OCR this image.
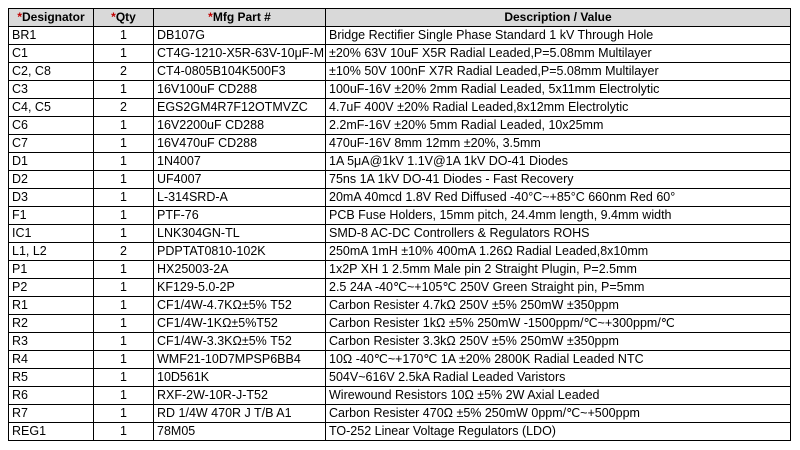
*Designator	*Qty	*Mfg Part #	Description / Value
BR1	1	DB107G	Bridge Rectifier Single Phase Standard 1 kV Through Hole
C1	1	CT4G-1210-X5R-63V-10μF-M	±20% 63V 10uF X5R Radial Leaded,P=5.08mm Multilayer
C2, C8	2	CT4-0805B104K500F3	±10% 50V 100nF X7R Radial Leaded,P=5.08mm Multilayer
C3	1	16V100uF CD288	100uF-16V ±20% 2mm Radial Leaded, 5x11mm Electrolytic
C4, C5	2	EGS2GM4R7F12OTMVZC	4.7uF 400V ±20% Radial Leaded,8x12mm Electrolytic
C6	1	16V2200uF CD288	2.2mF-16V ±20% 5mm Radial Leaded, 10x25mm
C7	1	16V470uF CD288	470uF-16V 8mm 12mm ±20%, 3.5mm
D1	1	1N4007	1A 5μA@1kV 1.1V@1A 1kV DO-41 Diodes
D2	1	UF4007	75ns 1A 1kV DO-41 Diodes - Fast Recovery
D3	1	L-314SRD-A	20mA 40mcd 1.8V Red Diffused -40°C~+85°C 660nm Red 60°
F1	1	PTF-76	PCB Fuse Holders, 15mm pitch, 24.4mm length, 9.4mm width
IC1	1	LNK304GN-TL	SMD-8 AC-DC Controllers & Regulators ROHS
L1, L2	2	PDPTAT0810-102K	250mA 1mH ±10% 400mA 1.26Ω Radial Leaded,8x10mm
P1	1	HX25003-2A	1x2P XH 1 2.5mm Male pin 2 Straight Plugin, P=2.5mm
P2	1	KF129-5.0-2P	2.5 24A -40℃~+105℃ 250V Green Straight pin, P=5mm
R1	1	CF1/4W-4.7KΩ±5% T52	Carbon Resister 4.7kΩ 250V ±5% 250mW ±350ppm
R2	1	CF1/4W-1KΩ±5%T52	Carbon Resister 1kΩ ±5% 250mW -1500ppm/℃~+300ppm/℃
R3	1	CF1/4W-3.3KΩ±5% T52	Carbon Resister 3.3kΩ 250V ±5% 250mW ±350ppm
R4	1	WMF21-10D7MPSP6BB4	10Ω -40℃~+170℃ 1A ±20% 2800K Radial Leaded NTC
R5	1	10D561K	504V~616V 2.5kA Radial Leaded Varistors
R6	1	RXF-2W-10R-J-T52	Wirewound Resistors 10Ω ±5% 2W Axial Leaded
R7	1	RD 1/4W 470R J T/B A1	Carbon Resister 470Ω ±5% 250mW 0ppm/℃~+500ppm
REG1	1	78M05	TO-252 Linear Voltage Regulators (LDO)
